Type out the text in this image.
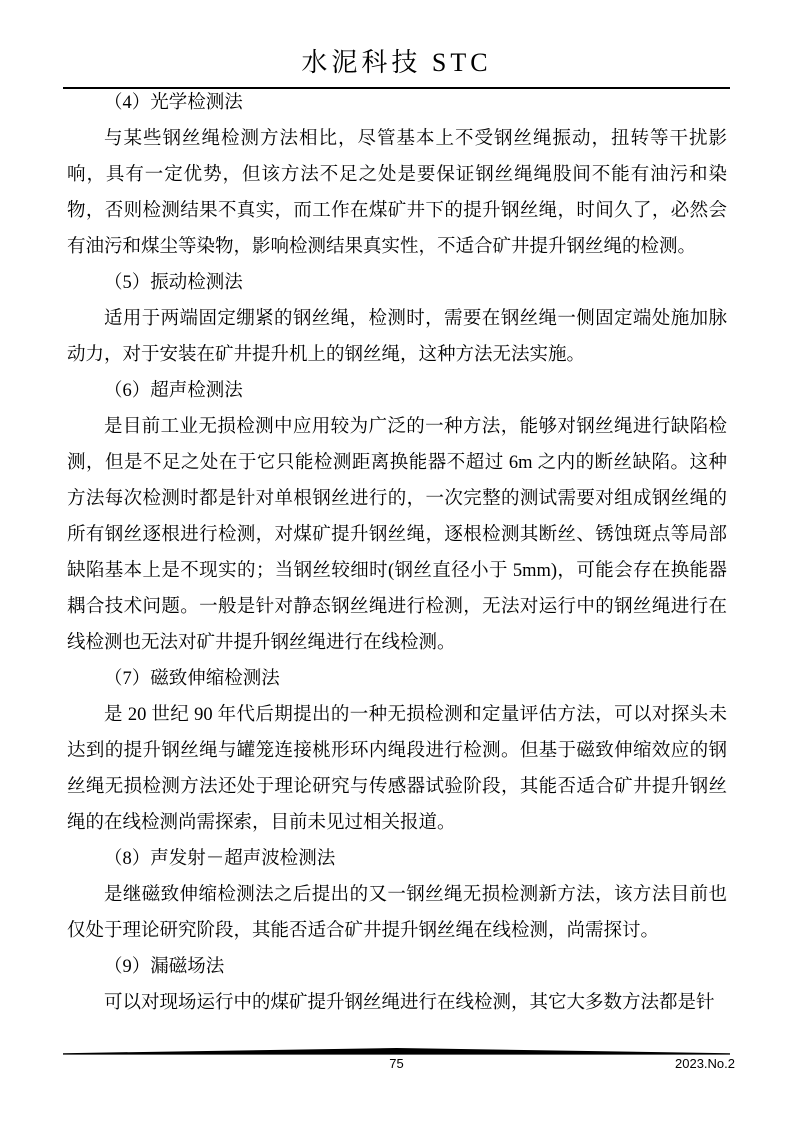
水泥科技 STC

（4）光学检测法

与某些钢丝绳检测方法相比，尽管基本上不受钢丝绳振动，扭转等干扰影响，具有一定优势，但该方法不足之处是要保证钢丝绳绳股间不能有油污和染物，否则检测结果不真实，而工作在煤矿井下的提升钢丝绳，时间久了，必然会有油污和煤尘等染物，影响检测结果真实性，不适合矿井提升钢丝绳的检测。

（5）振动检测法

适用于两端固定绷紧的钢丝绳，检测时，需要在钢丝绳一侧固定端处施加脉动力，对于安装在矿井提升机上的钢丝绳，这种方法无法实施。

（6）超声检测法

是目前工业无损检测中应用较为广泛的一种方法，能够对钢丝绳进行缺陷检测，但是不足之处在于它只能检测距离换能器不超过 6m 之内的断丝缺陷。这种方法每次检测时都是针对单根钢丝进行的，一次完整的测试需要对组成钢丝绳的所有钢丝逐根进行检测，对煤矿提升钢丝绳，逐根检测其断丝、锈蚀斑点等局部缺陷基本上是不现实的；当钢丝较细时(钢丝直径小于 5mm)，可能会存在换能器耦合技术问题。一般是针对静态钢丝绳进行检测，无法对运行中的钢丝绳进行在线检测也无法对矿井提升钢丝绳进行在线检测。

（7）磁致伸缩检测法

是 20 世纪 90 年代后期提出的一种无损检测和定量评估方法，可以对探头未达到的提升钢丝绳与罐笼连接桃形环内绳段进行检测。但基于磁致伸缩效应的钢丝绳无损检测方法还处于理论研究与传感器试验阶段，其能否适合矿井提升钢丝绳的在线检测尚需探索，目前未见过相关报道。

（8）声发射－超声波检测法

是继磁致伸缩检测法之后提出的又一钢丝绳无损检测新方法，该方法目前也仅处于理论研究阶段，其能否适合矿井提升钢丝绳在线检测，尚需探讨。

（9）漏磁场法

可以对现场运行中的煤矿提升钢丝绳进行在线检测，其它大多数方法都是针

75	2023.No.2
